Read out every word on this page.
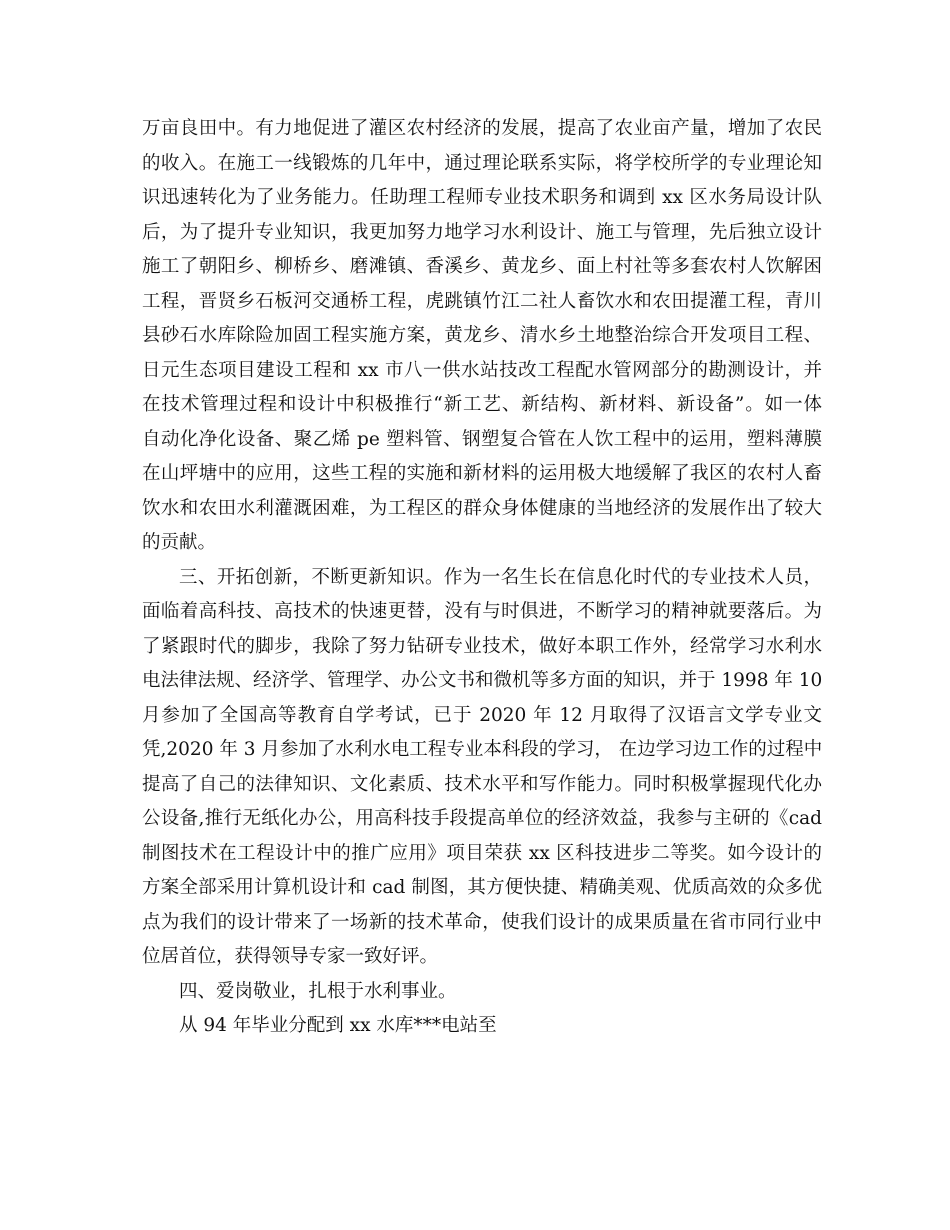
万亩良田中。有力地促进了灌区农村经济的发展，提高了农业亩产量，增加了农民
的收入。在施工一线锻炼的几年中，通过理论联系实际，将学校所学的专业理论知
识迅速转化为了业务能力。任助理工程师专业技术职务和调到 xx 区水务局设计队
后，为了提升专业知识，我更加努力地学习水利设计、施工与管理，先后独立设计
施工了朝阳乡、柳桥乡、磨滩镇、香溪乡、黄龙乡、面上村社等多套农村人饮解困
工程，晋贤乡石板河交通桥工程，虎跳镇竹江二社人畜饮水和农田提灌工程，青川
县砂石水库除险加固工程实施方案，黄龙乡、清水乡土地整治综合开发项目工程、
日元生态项目建设工程和 xx 市八一供水站技改工程配水管网部分的勘测设计，并
在技术管理过程和设计中积极推行“新工艺、新结构、新材料、新设备”。如一体
自动化净化设备、聚乙烯 pe 塑料管、钢塑复合管在人饮工程中的运用，塑料薄膜
在山坪塘中的应用，这些工程的实施和新材料的运用极大地缓解了我区的农村人畜
饮水和农田水利灌溉困难，为工程区的群众身体健康的当地经济的发展作出了较大
的贡献。
三、开拓创新，不断更新知识。作为一名生长在信息化时代的专业技术人员，
面临着高科技、高技术的快速更替，没有与时俱进，不断学习的精神就要落后。为
了紧跟时代的脚步，我除了努力钻研专业技术，做好本职工作外，经常学习水利水
电法律法规、经济学、管理学、办公文书和微机等多方面的知识，并于 1998 年 10
月参加了全国高等教育自学考试，已于 2020 年 12 月取得了汉语言文学专业文
凭,2020 年 3 月参加了水利水电工程专业本科段的学习， 在边学习边工作的过程中
提高了自己的法律知识、文化素质、技术水平和写作能力。同时积极掌握现代化办
公设备,推行无纸化办公，用高科技手段提高单位的经济效益，我参与主研的《cad
制图技术在工程设计中的推广应用》项目荣获 xx 区科技进步二等奖。如今设计的
方案全部采用计算机设计和 cad 制图，其方便快捷、精确美观、优质高效的众多优
点为我们的设计带来了一场新的技术革命，使我们设计的成果质量在省市同行业中
位居首位，获得领导专家一致好评。
四、爱岗敬业，扎根于水利事业。
从 94 年毕业分配到 xx 水库***电站至
